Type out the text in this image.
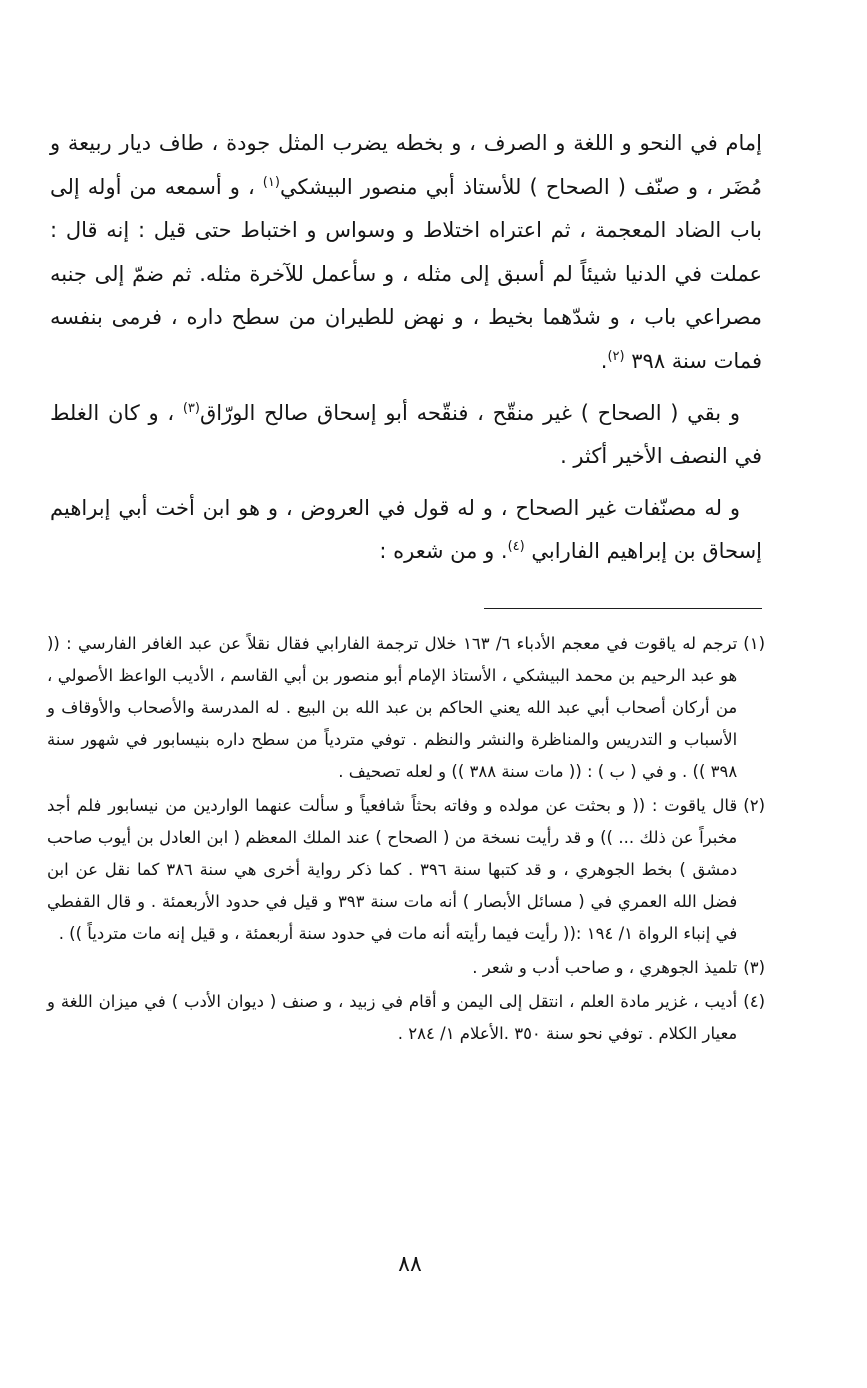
إمام في النحو و اللغة و الصرف ، و بخطه يضرب المثل جودة ، طاف ديار ربيعة و مُضَر ، و صنّف ( الصحاح ) للأستاذ أبي منصور البيشكي$^{(١)}$ ، و أسمعه من أوله إلى باب الضاد المعجمة ، ثم اعتراه اختلاط و وسواس و اختباط حتى قيل : إنه قال : عملت في الدنيا شيئاً لم أسبق إلى مثله ، و سأعمل للآخرة مثله. ثم ضمّ إلى جنبه مصراعي باب ، و شدّهما بخيط ، و نهض للطيران من سطح داره ، فرمى بنفسه فمات سنة ٣٩٨ $^{(٢)}$.

و بقي ( الصحاح ) غير منقّح ، فنقّحه أبو إسحاق صالح الورّاق$^{(٣)}$ ، و كان الغلط في النصف الأخير أكثر .

و له مصنّفات غير الصحاح ، و له قول في العروض ، و هو ابن أخت أبي إبراهيم إسحاق بن إبراهيم الفارابي $^{(٤)}$. و من شعره :

(١)
ترجم له ياقوت في معجم الأدباء ٦/ ١٦٣ خلال ترجمة الفارابي فقال نقلاً عن عبد الغافر الفارسي : (( هو عبد الرحيم بن محمد البيشكي ، الأستاذ الإمام أبو منصور بن أبي القاسم ، الأديب الواعظ الأصولي ، من أركان أصحاب أبي عبد الله يعني الحاكم بن عبد الله بن البيع . له المدرسة والأصحاب والأوقاف و الأسباب و التدريس والمناظرة والنشر والنظم . توفي متردياً من سطح داره بنيسابور في شهور سنة ٣٩٨ )) . و في ( ب ) : (( مات سنة ٣٨٨ )) و لعله تصحيف .
(٢)
قال ياقوت : (( و بحثت عن مولده و وفاته بحثاً شافعياً و سألت عنهما الواردين من نيسابور فلم أجد مخبراً عن ذلك ... )) و قد رأيت نسخة من ( الصحاح ) عند الملك المعظم ( ابن العادل بن أيوب صاحب دمشق ) بخط الجوهري ، و قد كتبها سنة ٣٩٦ . كما ذكر رواية أخرى هي سنة ٣٨٦ كما نقل عن ابن فضل الله العمري في ( مسائل الأبصار ) أنه مات سنة ٣٩٣ و قيل في حدود الأربعمئة . و قال القفطي في إنباء الرواة ١/ ١٩٤ :(( رأيت فيما رأيته أنه مات في حدود سنة أربعمئة ، و قيل إنه مات متردياً )) .
(٣)
تلميذ الجوهري ، و صاحب أدب و شعر .
(٤)
أديب ، غزير مادة العلم ، انتقل إلى اليمن و أقام في زبيد ، و صنف ( ديوان الأدب ) في ميزان اللغة و معيار الكلام . توفي نحو سنة ٣٥٠ .الأعلام ١/ ٢٨٤ .
٨٨
